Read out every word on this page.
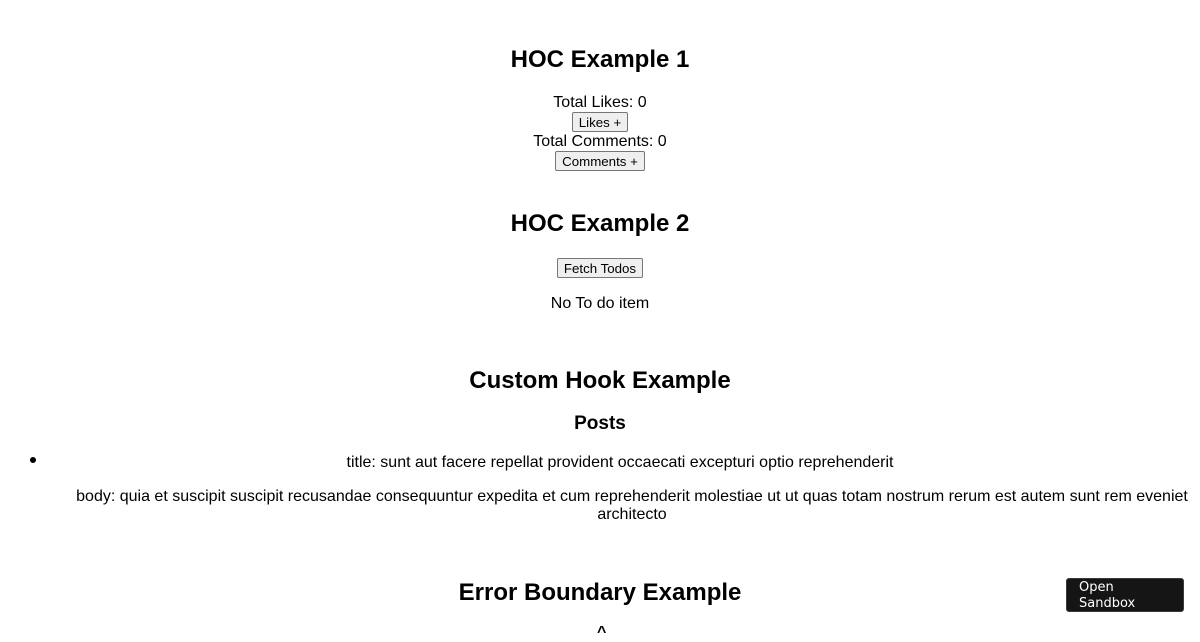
HOC Example 1
Total Likes: 0
Likes +
Total Comments: 0
Comments +
HOC Example 2
Fetch Todos
No To do item
Custom Hook Example
Posts

title: sunt aut facere repellat provident occaecati excepturi optio reprehenderit

body: quia et suscipit suscipit recusandae consequuntur expedita et cum reprehenderit molestiae ut ut quas totam nostrum rerum est autem sunt rem eveniet architecto

Error Boundary Example
^
Open Sandbox
